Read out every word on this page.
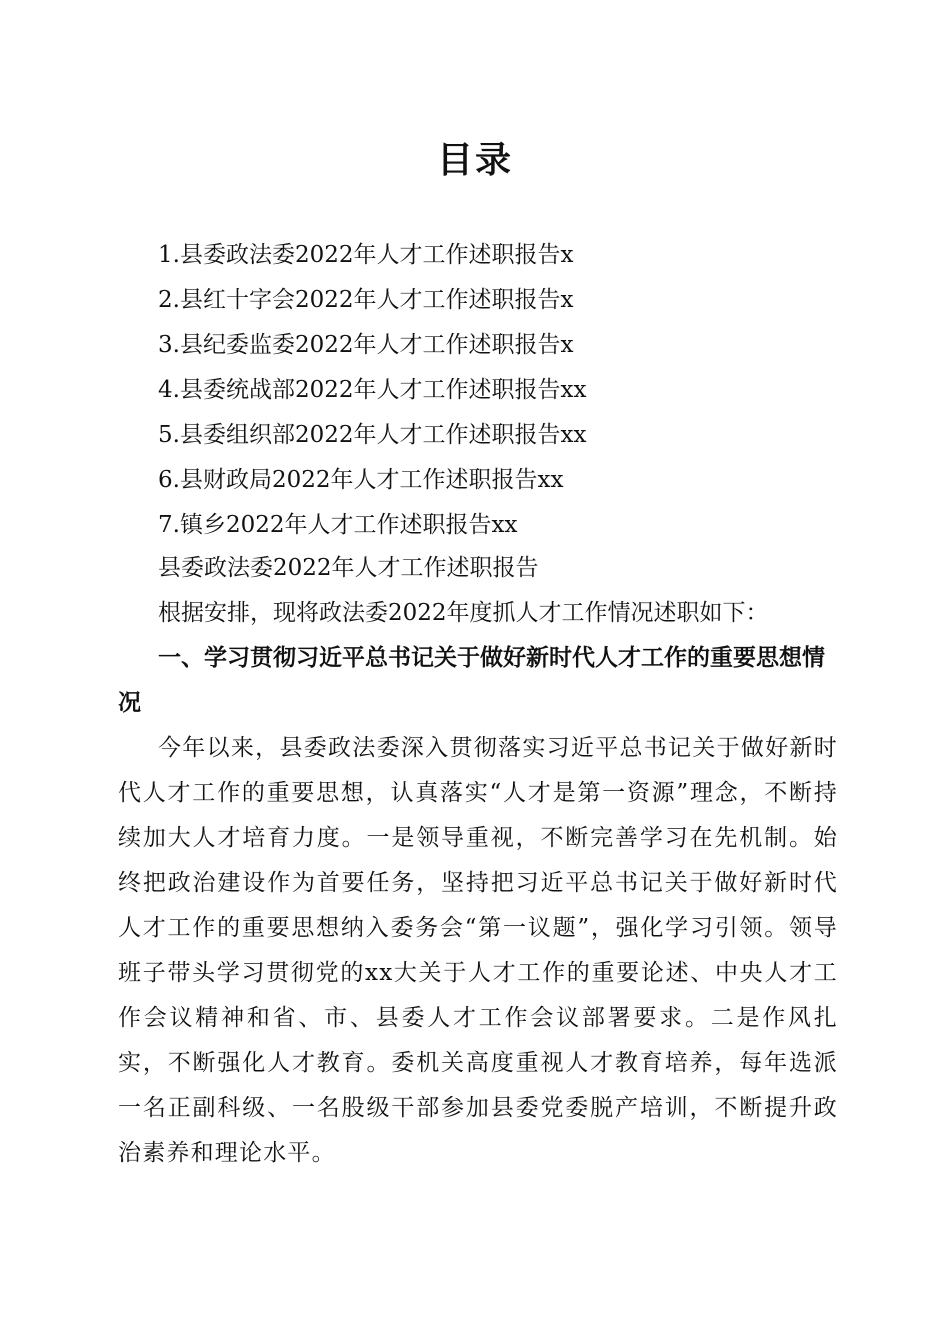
目录
1.县委政法委2022年人才工作述职报告x
2.县红十字会2022年人才工作述职报告x
3.县纪委监委2022年人才工作述职报告x
4.县委统战部2022年人才工作述职报告xx
5.县委组织部2022年人才工作述职报告xx
6.县财政局2022年人才工作述职报告xx
7.镇乡2022年人才工作述职报告xx

县委政法委2022年人才工作述职报告

根据安排，现将政法委2022年度抓人才工作情况述职如下：

一、学习贯彻习近平总书记关于做好新时代人才工作的重要思想情况

今年以来，县委政法委深入贯彻落实习近平总书记关于做好新时代人才工作的重要思想，认真落实“人才是第一资源”理念，不断持续加大人才培育力度。一是领导重视，不断完善学习在先机制。始终把政治建设作为首要任务，坚持把习近平总书记关于做好新时代人才工作的重要思想纳入委务会“第一议题”，强化学习引领。领导班子带头学习贯彻党的xx大关于人才工作的重要论述、中央人才工作会议精神和省、市、县委人才工作会议部署要求。二是作风扎实，不断强化人才教育。委机关高度重视人才教育培养，每年选派一名正副科级、一名股级干部参加县委党委脱产培训，不断提升政治素养和理论水平。
